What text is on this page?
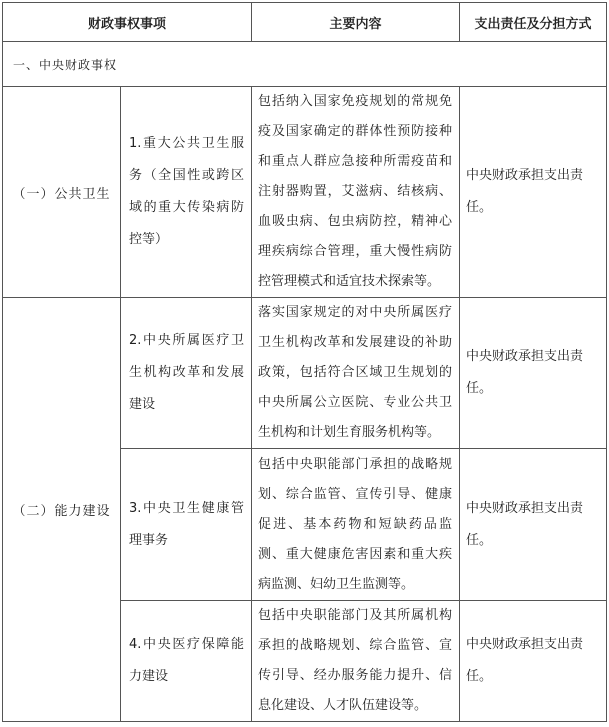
财政事权事项		主要内容	支出责任及分担方式
一、中央财政事权			
（一）公共卫生	1.重大公共卫生服务（全国性或跨区域的重大传染病防控等）	包括纳入国家免疫规划的常规免疫及国家确定的群体性预防接种和重点人群应急接种所需疫苗和注射器购置，艾滋病、结核病、血吸虫病、包虫病防控，精神心理疾病综合管理，重大慢性病防控管理模式和适宜技术探索等。	中央财政承担支出责任。
（二）能力建设	2.中央所属医疗卫生机构改革和发展建设	落实国家规定的对中央所属医疗卫生机构改革和发展建设的补助政策，包括符合区域卫生规划的中央所属公立医院、专业公共卫生机构和计划生育服务机构等。	中央财政承担支出责任。
	3.中央卫生健康管理事务	包括中央职能部门承担的战略规划、综合监管、宣传引导、健康促进、基本药物和短缺药品监测、重大健康危害因素和重大疾病监测、妇幼卫生监测等。	中央财政承担支出责任。
	4.中央医疗保障能力建设	包括中央职能部门及其所属机构承担的战略规划、综合监管、宣传引导、经办服务能力提升、信息化建设、人才队伍建设等。	中央财政承担支出责任。
